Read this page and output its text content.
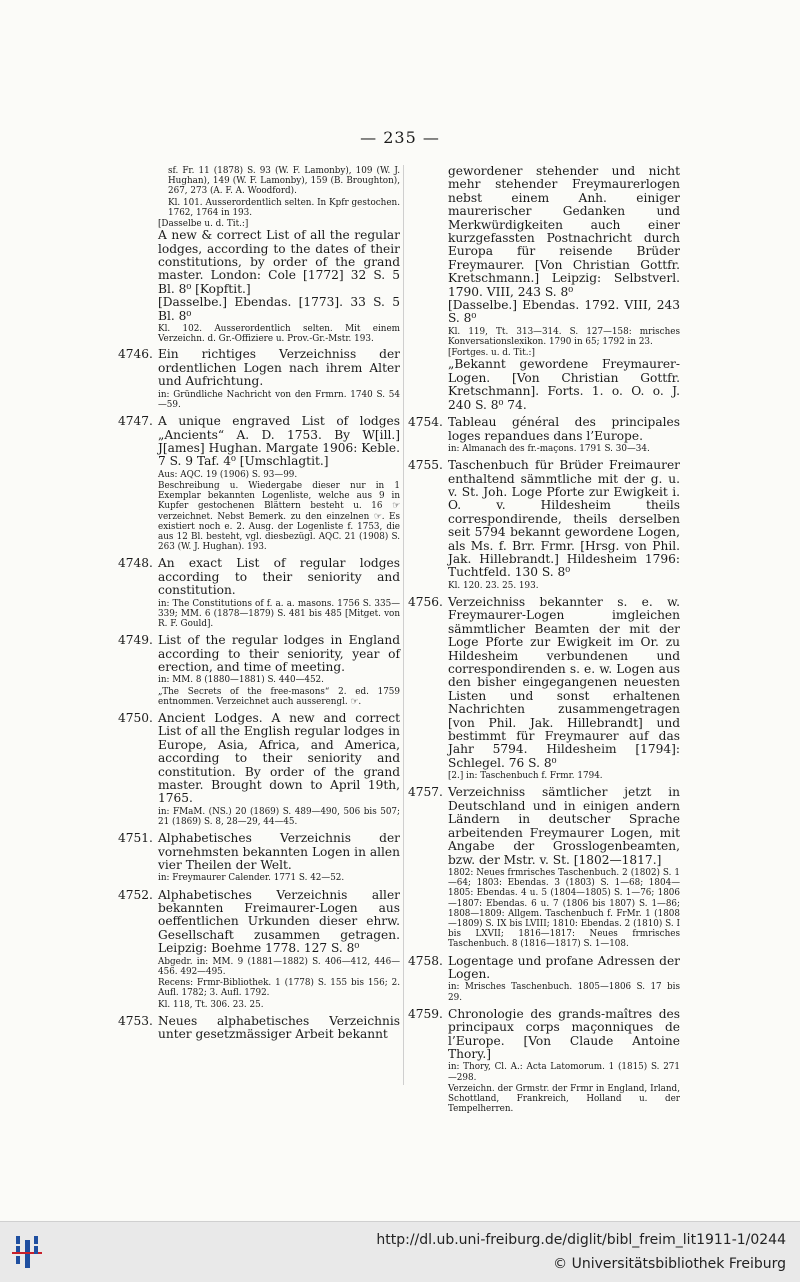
— 235 —
sf. Fr. 11 (1878) S. 93 (W. F. Lamonby), 109 (W. J. Hughan), 149 (W. F. Lamonby), 159 (B. Broughton), 267, 273 (A. F. A. Woodford).
Kl. 101. Ausserordentlich selten. In Kpfr gestochen. 1762, 1764 in 193.
[Dasselbe u. d. Tit.:]
A new & correct List of all the regular lodges, according to the dates of their constitutions, by order of the grand master. London: Cole [1772] 32 S. 5 Bl. 8⁰ [Kopftit.]
[Dasselbe.] Ebendas. [1773]. 33 S. 5 Bl. 8⁰
Kl. 102. Ausserordentlich selten. Mit einem Verzeichn. d. Gr.-Offiziere u. Prov.-Gr.-Mstr. 193.
4746. Ein richtiges Verzeichniss der ordentlichen Logen nach ihrem Alter und Aufrichtung.
in: Gründliche Nachricht von den Frmrn. 1740 S. 54—59.
4747. A unique engraved List of lodges „Ancients“ A. D. 1753. By W[ill.] J[ames] Hughan. Margate 1906: Keble. 7 S. 9 Taf. 4⁰ [Umschlagtit.]
Aus: AQC. 19 (1906) S. 93—99.
Beschreibung u. Wiedergabe dieser nur in 1 Exemplar bekannten Logenliste, welche aus 9 in Kupfer gestochenen Blättern besteht u. 16 ☞ verzeichnet. Nebst Bemerk. zu den einzelnen ☞. Es existiert noch e. 2. Ausg. der Logenliste f. 1753, die aus 12 Bl. besteht, vgl. diesbezügl. AQC. 21 (1908) S. 263 (W. J. Hughan). 193.
4748. An exact List of regular lodges according to their seniority and constitution.
in: The Constitutions of f. a. a. masons. 1756 S. 335—339; MM. 6 (1878—1879) S. 481 bis 485 [Mitget. von R. F. Gould].
4749. List of the regular lodges in England according to their seniority, year of erection, and time of meeting.
in: MM. 8 (1880—1881) S. 440—452.
„The Secrets of the free-masons“ 2. ed. 1759 entnommen. Verzeichnet auch ausserengl. ☞.
4750. Ancient Lodges. A new and correct List of all the English regular lodges in Europe, Asia, Africa, and America, according to their seniority and constitution. By order of the grand master. Brought down to April 19th, 1765.
in: FMaM. (NS.) 20 (1869) S. 489—490, 506 bis 507; 21 (1869) S. 8, 28—29, 44—45.
4751. Alphabetisches Verzeichnis der vornehmsten bekannten Logen in allen vier Theilen der Welt.
in: Freymaurer Calender. 1771 S. 42—52.
4752. Alphabetisches Verzeichnis aller bekannten Freimaurer-Logen aus oeffentlichen Urkunden dieser ehrw. Gesellschaft zusammen getragen. Leipzig: Boehme 1778. 127 S. 8⁰
Abgedr. in: MM. 9 (1881—1882) S. 406—412, 446—456. 492—495.
Recens: Frmr-Bibliothek. 1 (1778) S. 155 bis 156; 2. Aufl. 1782; 3. Aufl. 1792.
Kl. 118, Tt. 306. 23. 25.
4753. Neues alphabetisches Verzeichnis unter gesetzmässiger Arbeit bekannt
gewordener stehender und nicht mehr stehender Freymaurerlogen nebst einem Anh. einiger maurerischer Gedanken und Merkwürdigkeiten auch einer kurzgefassten Postnachricht durch Europa für reisende Brüder Freymaurer. [Von Christian Gottfr. Kretschmann.] Leipzig: Selbstverl. 1790. VIII, 243 S. 8⁰
[Dasselbe.] Ebendas. 1792. VIII, 243 S. 8⁰
Kl. 119, Tt. 313—314. S. 127—158: mrisches Konversationslexikon. 1790 in 65; 1792 in 23.
[Fortges. u. d. Tit.:]
„Bekannt gewordene Freymaurer-Logen. [Von Christian Gottfr. Kretschmann]. Forts. 1. o. O. o. J. 240 S. 8⁰ 74.
4754. Tableau général des principales loges repandues dans l’Europe.
in: Almanach des fr.-maçons. 1791 S. 30—34.
4755. Taschenbuch für Brüder Freimaurer enthaltend sämmtliche mit der g. u. v. St. Joh. Loge Pforte zur Ewigkeit i. O. v. Hildesheim theils correspondirende, theils derselben seit 5794 bekannt gewordene Logen, als Ms. f. Brr. Frmr. [Hrsg. von Phil. Jak. Hillebrandt.] Hildesheim 1796: Tuchtfeld. 130 S. 8⁰
Kl. 120. 23. 25. 193.
4756. Verzeichniss bekannter s. e. w. Freymaurer-Logen imgleichen sämmtlicher Beamten der mit der Loge Pforte zur Ewigkeit im Or. zu Hildesheim verbundenen und correspondirenden s. e. w. Logen aus den bisher eingegangenen neuesten Listen und sonst erhaltenen Nachrichten zusammengetragen [von Phil. Jak. Hillebrandt] und bestimmt für Freymaurer auf das Jahr 5794. Hildesheim [1794]: Schlegel. 76 S. 8⁰
[2.] in: Taschenbuch f. Frmr. 1794.
4757. Verzeichniss sämtlicher jetzt in Deutschland und in einigen andern Ländern in deutscher Sprache arbeitenden Freymaurer Logen, mit Angabe der Grosslogenbeamten, bzw. der Mstr. v. St. [1802—1817.]
1802: Neues frmrisches Taschenbuch. 2 (1802) S. 1—64; 1803: Ebendas. 3 (1803) S. 1—68; 1804—1805: Ebendas. 4 u. 5 (1804—1805) S. 1—76; 1806—1807: Ebendas. 6 u. 7 (1806 bis 1807) S. 1—86; 1808—1809: Allgem. Taschenbuch f. FrMr. 1 (1808—1809) S. IX bis LVIII; 1810: Ebendas. 2 (1810) S. I bis LXVII; 1816—1817: Neues frmrisches Taschenbuch. 8 (1816—1817) S. 1—108.
4758. Logentage und profane Adressen der Logen.
in: Mrisches Taschenbuch. 1805—1806 S. 17 bis 29.
4759. Chronologie des grands-maîtres des principaux corps maçonniques de l’Europe. [Von Claude Antoine Thory.]
in: Thory, Cl. A.: Acta Latomorum. 1 (1815) S. 271—298.
Verzeichn. der Grmstr. der Frmr in England, Irland, Schottland, Frankreich, Holland u. der Tempelherren.
http://dl.ub.uni-freiburg.de/diglit/bibl_freim_lit1911-1/0244
© Universitätsbibliothek Freiburg
